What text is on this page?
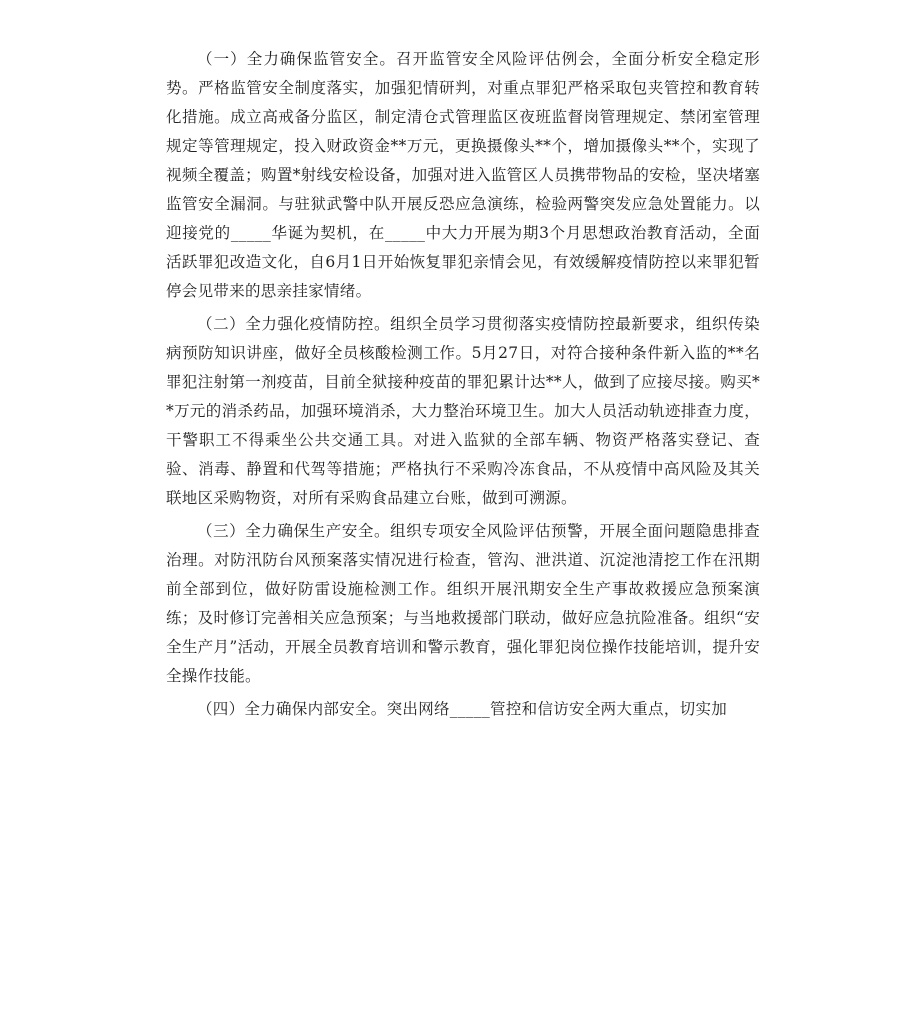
（一）全力确保监管安全。召开监管安全风险评估例会，全面分析安全稳定形势。严格监管安全制度落实，加强犯情研判，对重点罪犯严格采取包夹管控和教育转化措施。成立高戒备分监区，制定清仓式管理监区夜班监督岗管理规定、禁闭室管理规定等管理规定，投入财政资金**万元，更换摄像头**个，增加摄像头**个，实现了视频全覆盖；购置*射线安检设备，加强对进入监管区人员携带物品的安检，坚决堵塞监管安全漏洞。与驻狱武警中队开展反恐应急演练，检验两警突发应急处置能力。以迎接党的_____华诞为契机，在_____中大力开展为期3个月思想政治教育活动，全面活跃罪犯改造文化，自6月1日开始恢复罪犯亲情会见，有效缓解疫情防控以来罪犯暂停会见带来的思亲挂家情绪。

（二）全力强化疫情防控。组织全员学习贯彻落实疫情防控最新要求，组织传染病预防知识讲座，做好全员核酸检测工作。5月27日，对符合接种条件新入监的**名罪犯注射第一剂疫苗，目前全狱接种疫苗的罪犯累计达**人，做到了应接尽接。购买**万元的消杀药品，加强环境消杀，大力整治环境卫生。加大人员活动轨迹排查力度，干警职工不得乘坐公共交通工具。对进入监狱的全部车辆、物资严格落实登记、查验、消毒、静置和代驾等措施；严格执行不采购冷冻食品，不从疫情中高风险及其关联地区采购物资，对所有采购食品建立台账，做到可溯源。

（三）全力确保生产安全。组织专项安全风险评估预警，开展全面问题隐患排查治理。对防汛防台风预案落实情况进行检查，管沟、泄洪道、沉淀池清挖工作在汛期前全部到位，做好防雷设施检测工作。组织开展汛期安全生产事故救援应急预案演练；及时修订完善相关应急预案；与当地救援部门联动，做好应急抗险准备。组织“安全生产月”活动，开展全员教育培训和警示教育，强化罪犯岗位操作技能培训，提升安全操作技能。

（四）全力确保内部安全。突出网络_____管控和信访安全两大重点，切实加
